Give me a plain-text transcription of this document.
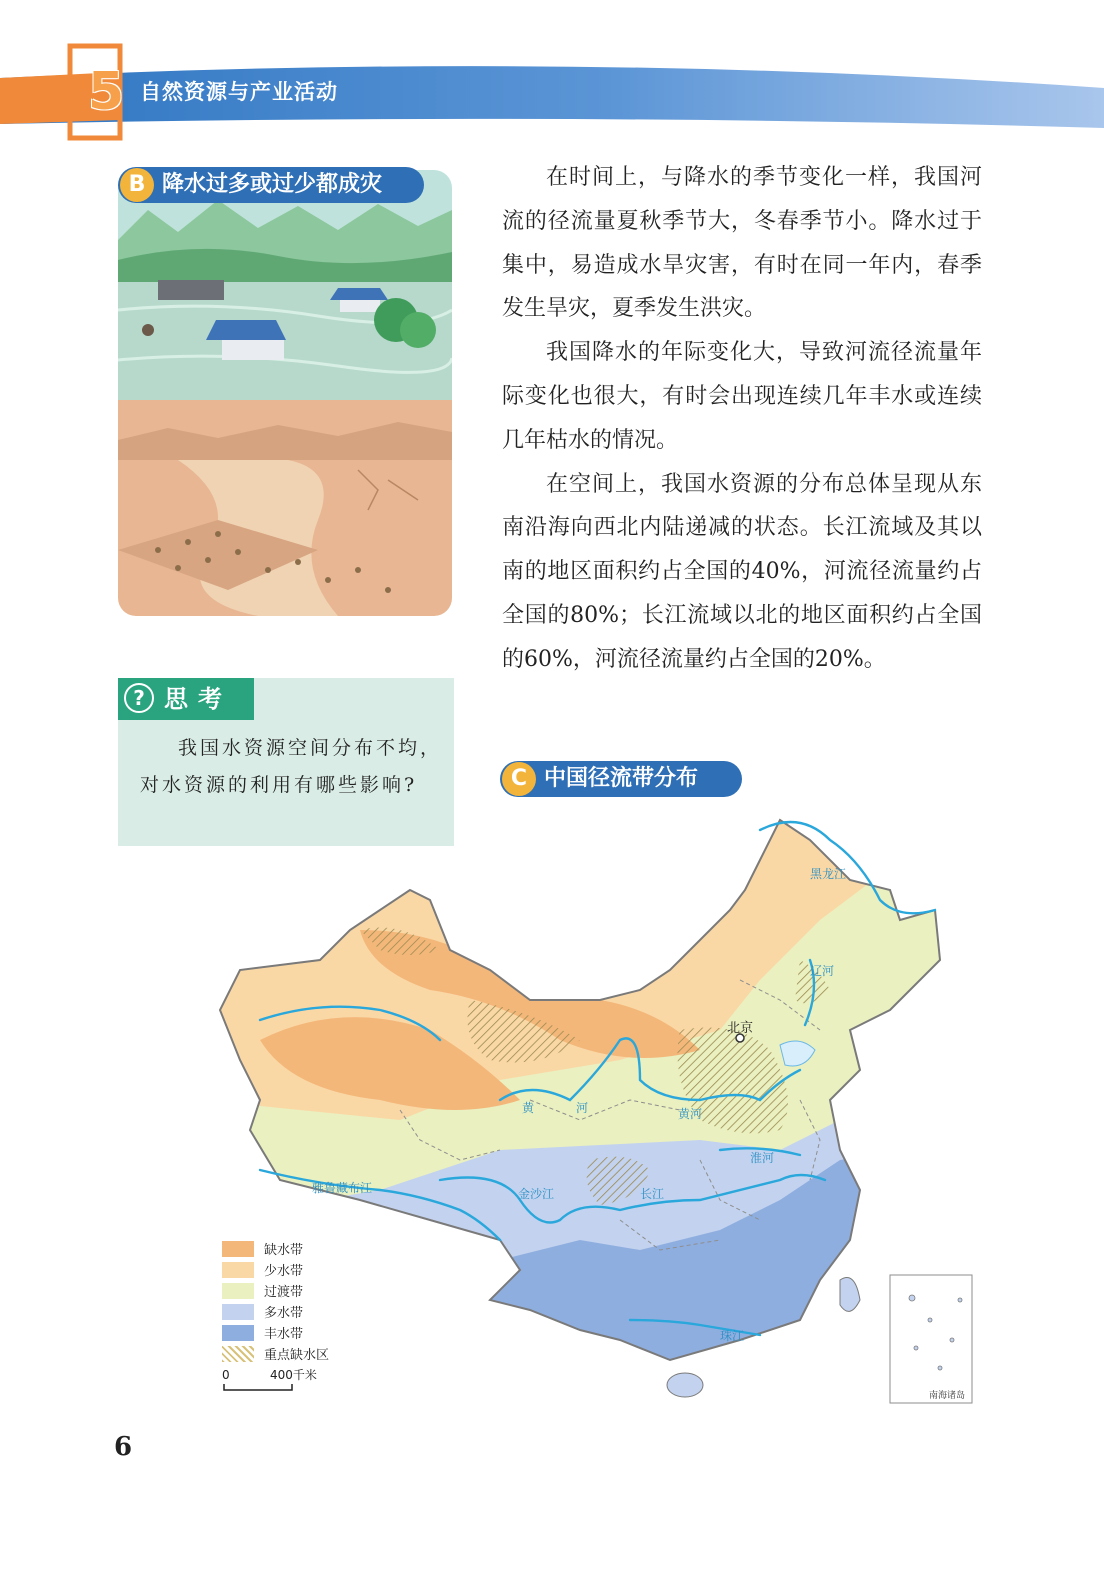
5 自然资源与产业活动
B 降水过多或过少都成灾	在时间上，与降水的季节变化一样，我国河流的径流量夏秋季节大，冬春季节小。降水过于集中，易造成水旱灾害，有时在同一年内，春季发生旱灾，夏季发生洪灾。

我国降水的年际变化大，导致河流径流量年际变化也很大，有时会出现连续几年丰水或连续几年枯水的情况。

在空间上，我国水资源的分布总体呈现从东南沿海向西北内陆递减的状态。长江流域及其以南的地区面积约占全国的40%，河流径流量约占全国的80%；长江流域以北的地区面积约占全国的60%，河流径流量约占全国的20%。

? 思考
我国水资源空间分布不均，对水资源的利用有哪些影响?	C 中国径流带分布
北京
黑龙江
辽河
黄	河	黄河
淮河
雅鲁藏布江	金沙江	长江
珠江
南海诸岛
缺水带
少水带
过渡带
多水带
丰水带
重点缺水区
0	400千米
6
